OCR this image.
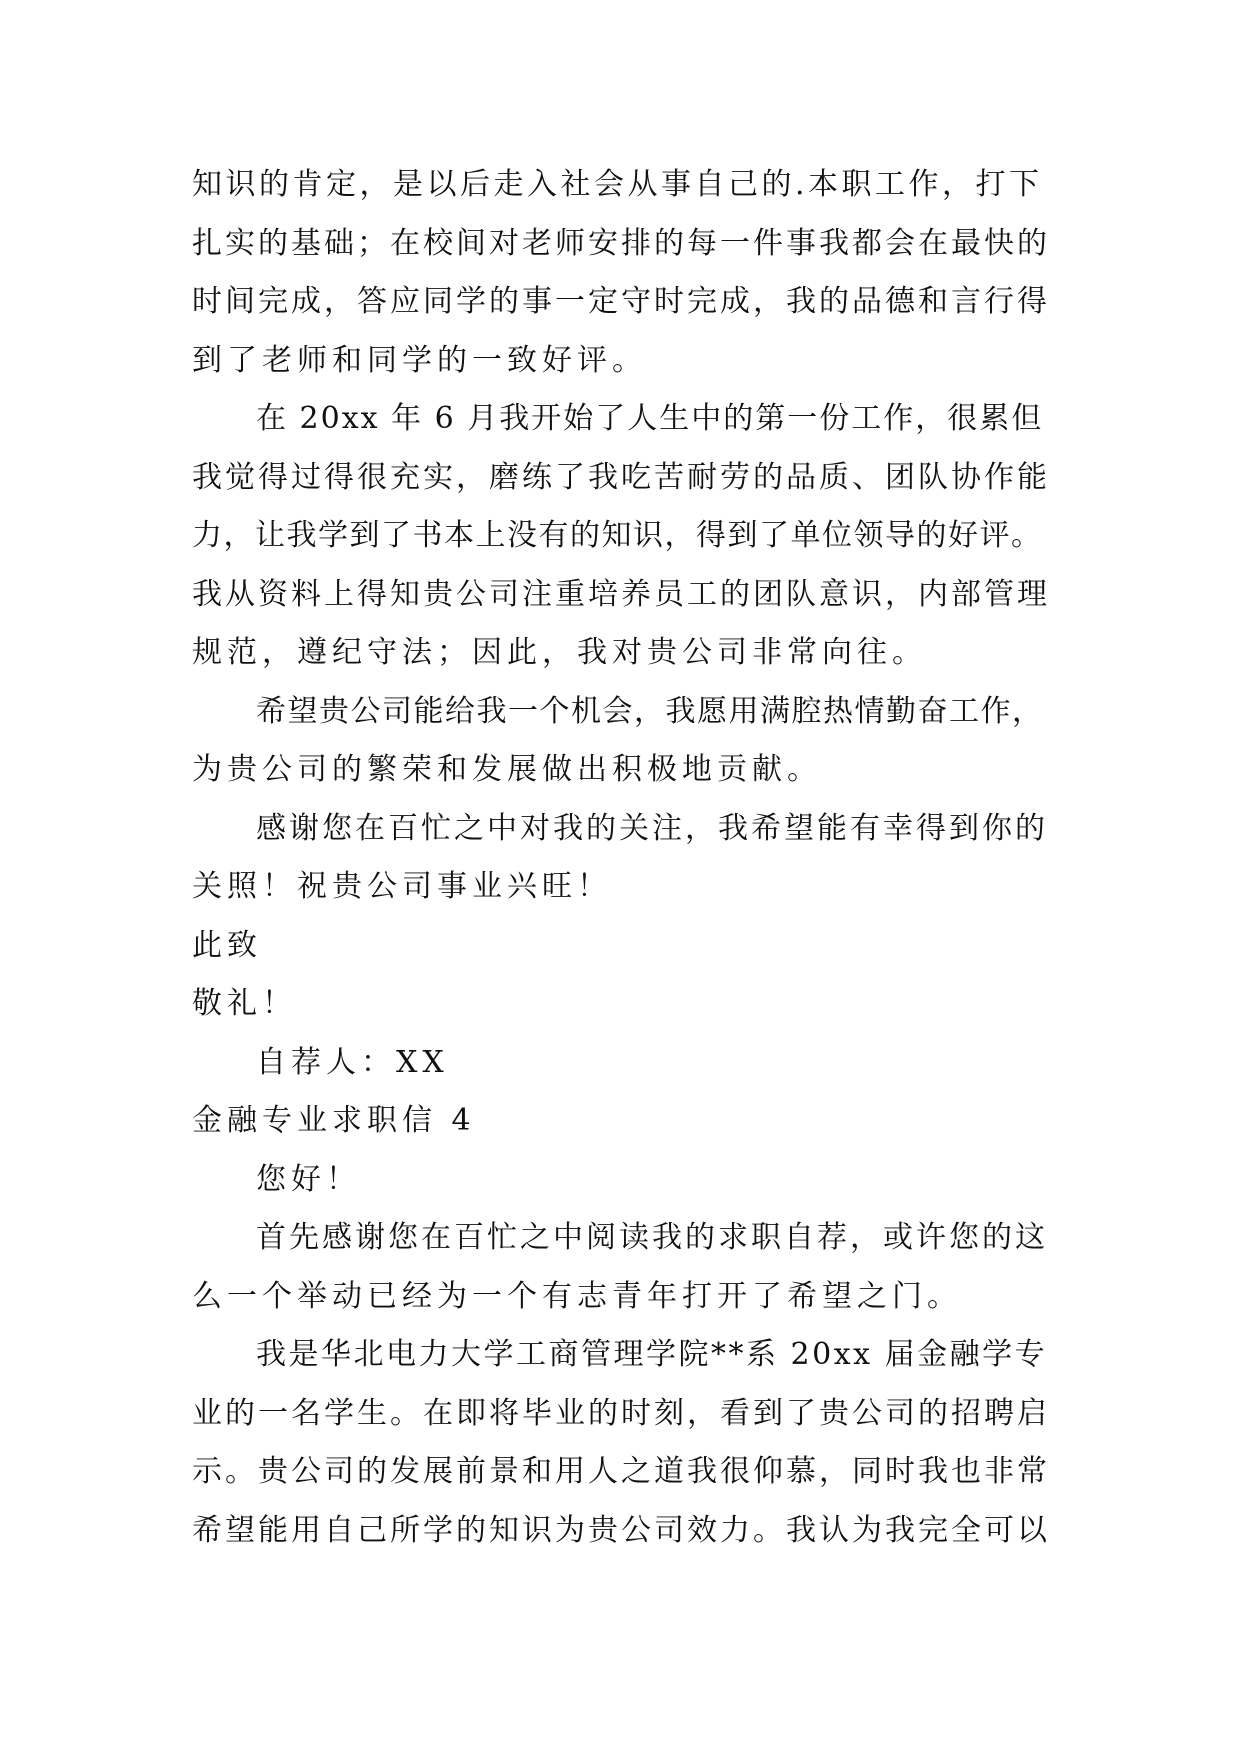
知识的肯定，是以后走入社会从事自己的.本职工作，打下
扎实的基础；在校间对老师安排的每一件事我都会在最快的
时间完成，答应同学的事一定守时完成，我的品德和言行得
到了老师和同学的一致好评。
在 20xx 年 6 月我开始了人生中的第一份工作，很累但
我觉得过得很充实，磨练了我吃苦耐劳的品质、团队协作能
力，让我学到了书本上没有的知识，得到了单位领导的好评。
我从资料上得知贵公司注重培养员工的团队意识，内部管理
规范，遵纪守法；因此，我对贵公司非常向往。
希望贵公司能给我一个机会，我愿用满腔热情勤奋工作，
为贵公司的繁荣和发展做出积极地贡献。
感谢您在百忙之中对我的关注，我希望能有幸得到你的
关照！祝贵公司事业兴旺！
此致
敬礼！
自荐人：XX
金融专业求职信 4
您好！
首先感谢您在百忙之中阅读我的求职自荐，或许您的这
么一个举动已经为一个有志青年打开了希望之门。
我是华北电力大学工商管理学院**系 20xx 届金融学专
业的一名学生。在即将毕业的时刻，看到了贵公司的招聘启
示。贵公司的发展前景和用人之道我很仰慕，同时我也非常
希望能用自己所学的知识为贵公司效力。我认为我完全可以
